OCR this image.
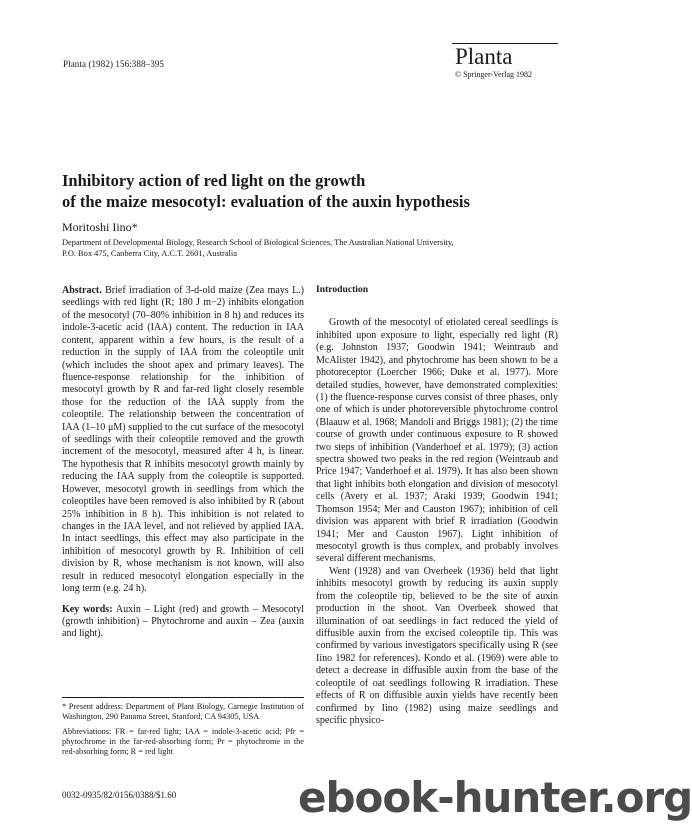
Planta (1982) 156:388–395	Planta
© Springer-Verlag 1982
Inhibitory action of red light on the growth
of the maize mesocotyl: evaluation of the auxin hypothesis
Moritoshi Iino*
Department of Developmental Biology, Research School of Biological Sciences, The Australian National University,
P.O. Box 475, Canberra City, A.C.T. 2601, Australia

Abstract. Brief irradiation of 3-d-old maize (Zea mays L.) seedlings with red light (R; 180 J m−2) inhibits elongation of the mesocotyl (70–80% inhibition in 8 h) and reduces its indole-3-acetic acid (IAA) content. The reduction in IAA content, apparent within a few hours, is the result of a reduction in the supply of IAA from the coleoptile unit (which includes the shoot apex and primary leaves). The fluence-response relationship for the inhibition of mesocotyl growth by R and far-red light closely resemble those for the reduction of the IAA supply from the coleoptile. The relationship between the concentration of IAA (1–10 μM) supplied to the cut surface of the mesocotyl of seedlings with their coleoptile removed and the growth increment of the mesocotyl, measured after 4 h, is linear. The hypothesis that R inhibits mesocotyl growth mainly by reducing the IAA supply from the coleoptile is supported. However, mesocotyl growth in seedlings from which the coleoptiles have been removed is also inhibited by R (about 25% inhibition in 8 h). This inhibition is not related to changes in the IAA level, and not relieved by applied IAA. In intact seedlings, this effect may also participate in the inhibition of mesocotyl growth by R. Inhibition of cell division by R, whose mechanism is not known, will also result in reduced mesocotyl elongation especially in the long term (e.g. 24 h).

Key words: Auxin – Light (red) and growth – Mesocotyl (growth inhibition) – Phytochrome and auxin – Zea (auxin and light).

* Present address: Department of Plant Biology, Carnegie Institution of Washington, 290 Panama Street, Stanford, CA 94305, USA

Abbreviations: FR = far-red light; IAA = indole-3-acetic acid; Pfr = phytochrome in the far-red-absorbing form; Pr = phytochrome in the red-absorbing form; R = red light

0032-0935/82/0156/0388/$1.60

Introduction

Growth of the mesocotyl of etiolated cereal seedlings is inhibited upon exposure to light, especially red light (R) (e.g. Johnston 1937; Goodwin 1941; Weintraub and McAlister 1942), and phytochrome has been shown to be a photoreceptor (Loercher 1966; Duke et al. 1977). More detailed studies, however, have demonstrated complexities: (1) the fluence-response curves consist of three phases, only one of which is under photoreversible phytochrome control (Blaauw et al. 1968; Mandoli and Briggs 1981); (2) the time course of growth under continuous exposure to R showed two steps of inhibition (Vanderhoef et al. 1979); (3) action spectra showed two peaks in the red region (Weintraub and Price 1947; Vanderhoef et al. 1979). It has also been shown that light inhibits both elongation and division of mesocotyl cells (Avery et al. 1937; Araki 1939; Goodwin 1941; Thomson 1954; Mer and Causton 1967); inhibition of cell division was apparent with brief R irradiation (Goodwin 1941; Mer and Causton 1967). Light inhibition of mesocotyl growth is thus complex, and probably involves several different mechanisms.

Went (1928) and van Overbeek (1936) held that light inhibits mesocotyl growth by reducing its auxin supply from the coleoptile tip, believed to be the site of auxin production in the shoot. Van Overbeek showed that illumination of oat seedlings in fact reduced the yield of diffusible auxin from the excised coleoptile tip. This was confirmed by various investigators specifically using R (see Iino 1982 for references). Kondo et al. (1969) were able to detect a decrease in diffusible auxin from the base of the coleoptile of oat seedlings following R irradiation. These effects of R on diffusible auxin yields have recently been confirmed by Iino (1982) using maize seedlings and specific physico-

ebook-hunter.org
